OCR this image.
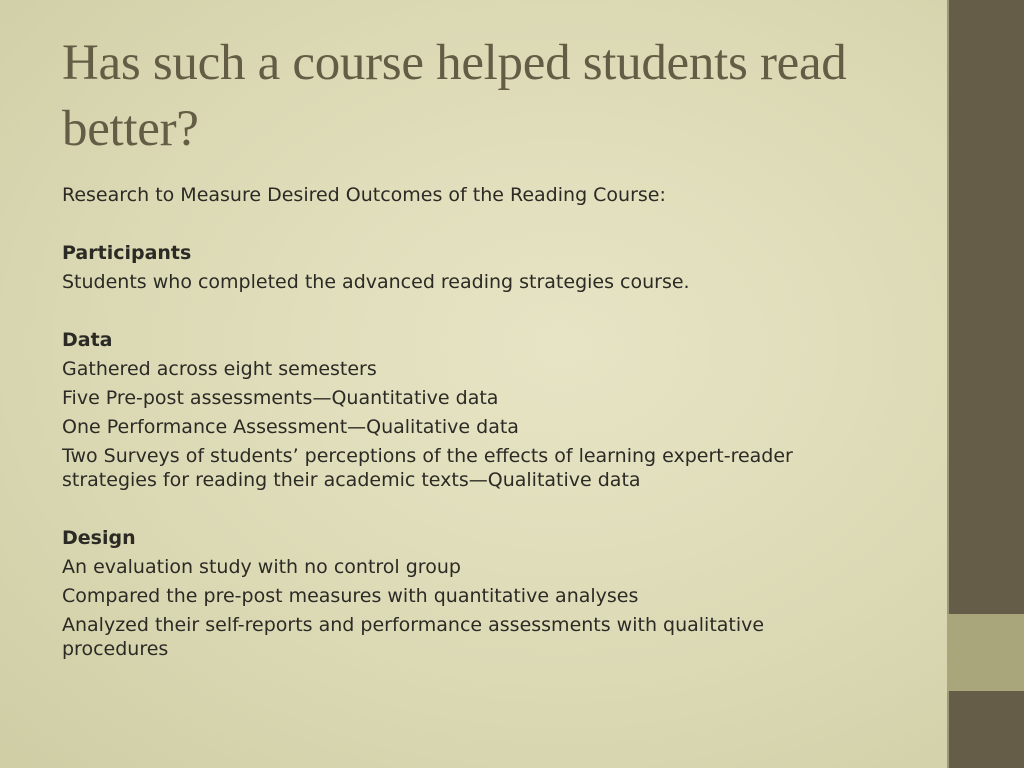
Has such a course helped students read better?

Research to Measure Desired Outcomes of the Reading Course:

Participants

Students who completed the advanced reading strategies course.

Data

Gathered across eight semesters

Five Pre-post assessments—Quantitative data

One Performance Assessment—Qualitative data

Two Surveys of students’ perceptions of the effects of learning expert-reader strategies for reading their academic texts—Qualitative data

Design

An evaluation study with no control group

Compared the pre-post measures with quantitative analyses

Analyzed their self-reports and performance assessments with qualitative procedures
